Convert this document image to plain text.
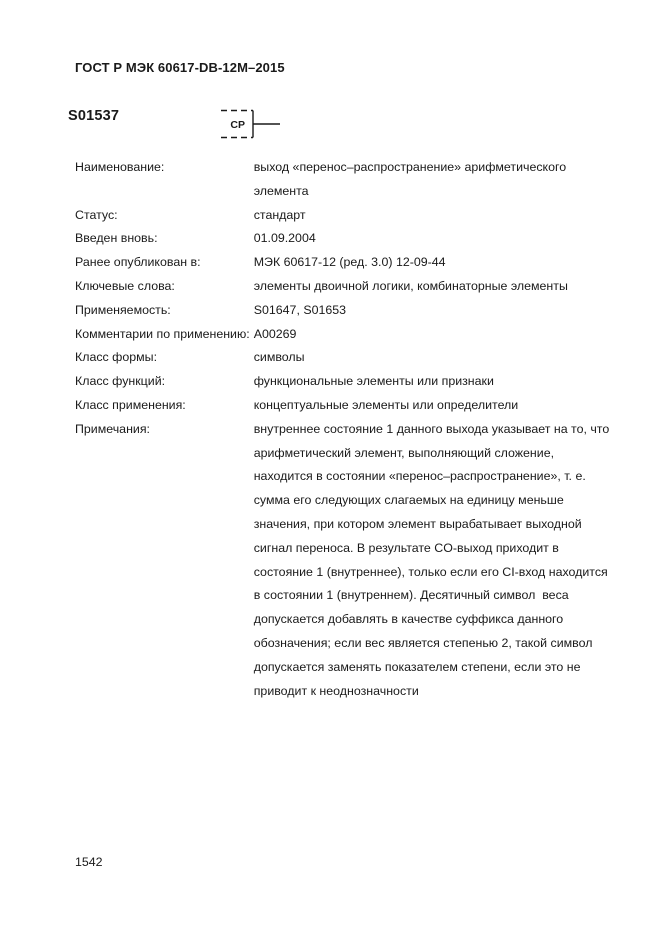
ГОСТ Р МЭК 60617-DB-12M–2015
S01537
CP
Наименование:	выход «перенос–распространение» арифметического
элемента

Статус:	стандарт

Введен вновь:	01.09.2004

Ранее опубликован в:	МЭК 60617-12 (ред. 3.0) 12-09-44

Ключевые слова:	элементы двоичной логики, комбинаторные элементы

Применяемость:	S01647, S01653

Комментарии по применению:	A00269

Класс формы:	символы

Класс функций:	функциональные элементы или признаки

Класс применения:	концептуальные элементы или определители

Примечания:	внутреннее состояние 1 данного выхода указывает на то, что
арифметический элемент, выполняющий сложение,
находится в состоянии «перенос–распространение», т. е.
сумма его следующих слагаемых на единицу меньше
значения, при котором элемент вырабатывает выходной
сигнал переноса. В результате CO-выход приходит в
состояние 1 (внутреннее), только если его CI-вход находится
в состоянии 1 (внутреннем). Десятичный символ  веса
допускается добавлять в качестве суффикса данного
обозначения; если вес является степенью 2, такой символ
допускается заменять показателем степени, если это не
приводит к неоднозначности
1542
